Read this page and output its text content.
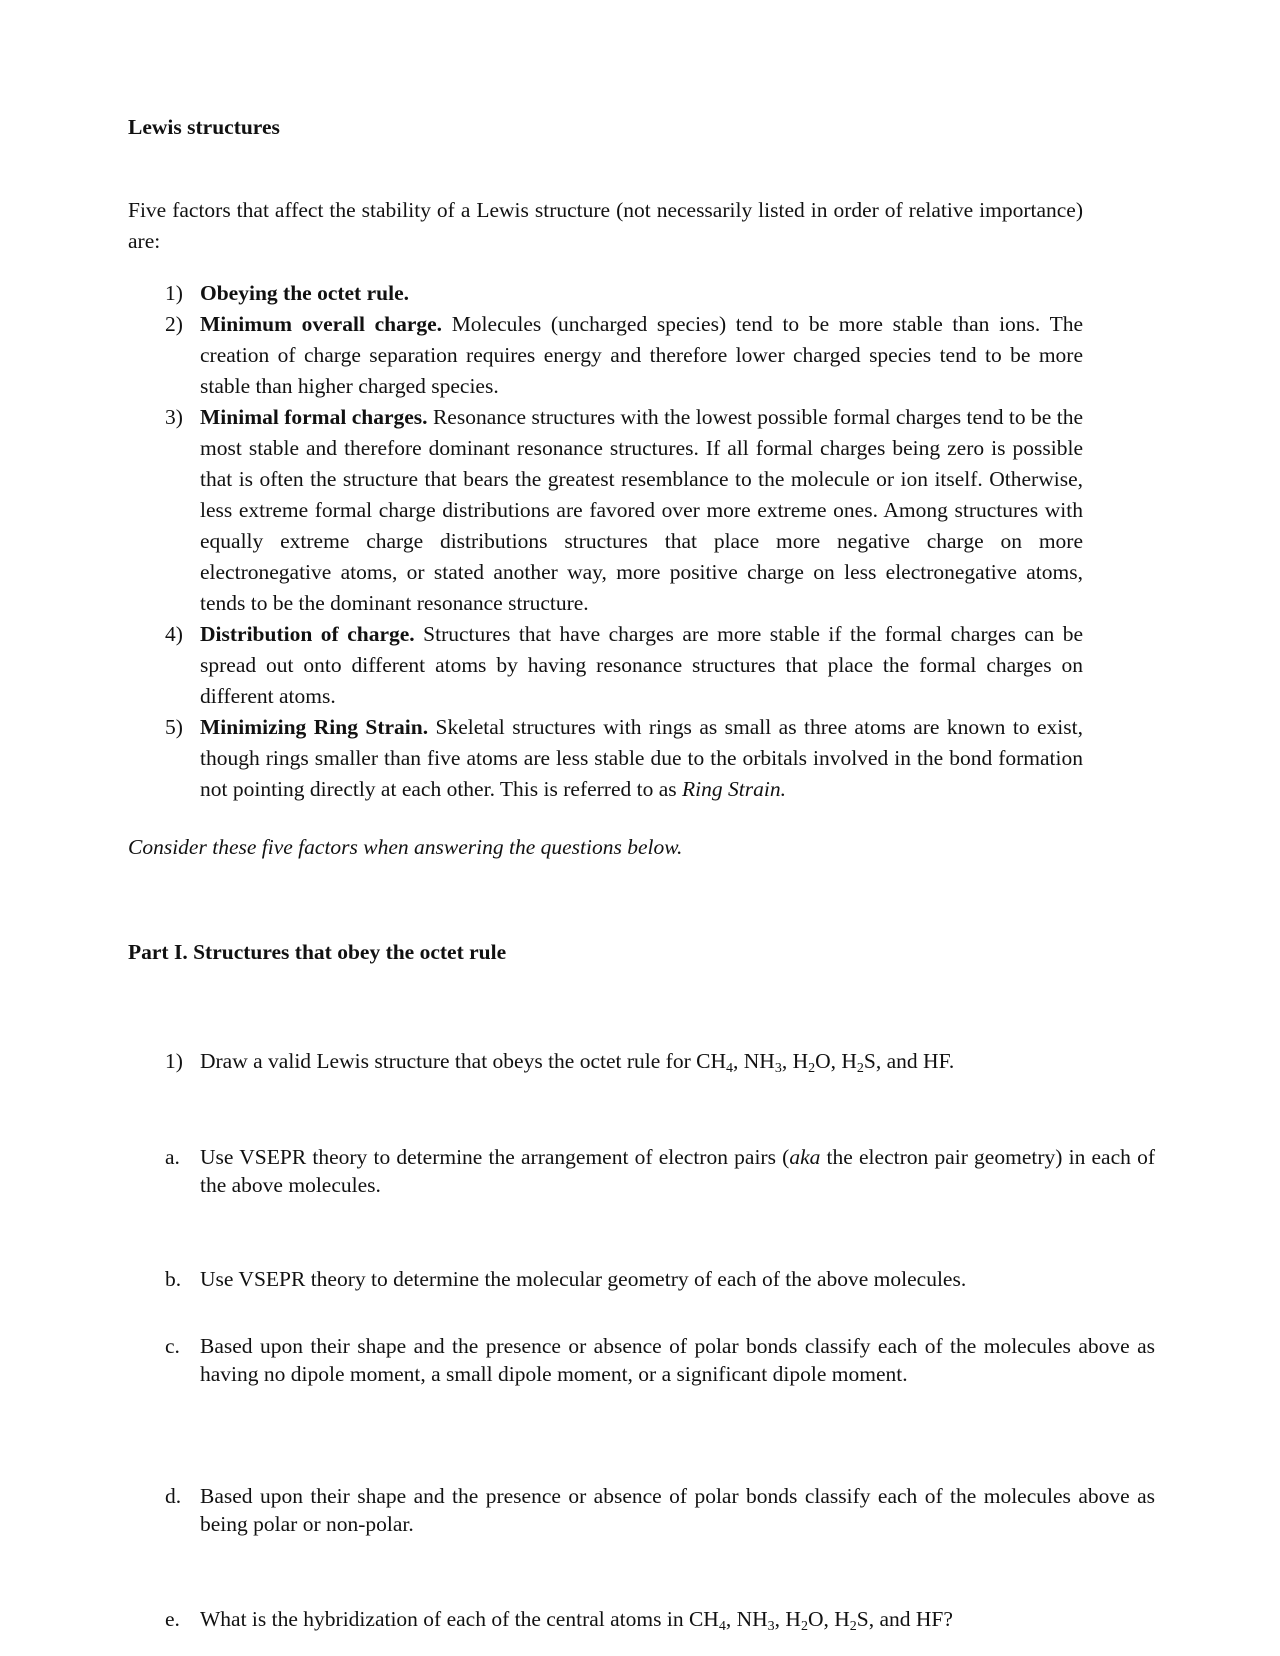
Lewis structures

Five factors that affect the stability of a Lewis structure (not necessarily listed in order of relative importance) are:

1) Obeying the octet rule.
2) Minimum overall charge. Molecules (uncharged species) tend to be more stable than ions. The creation of charge separation requires energy and therefore lower charged species tend to be more stable than higher charged species.
3) Minimal formal charges. Resonance structures with the lowest possible formal charges tend to be the most stable and therefore dominant resonance structures. If all formal charges being zero is possible that is often the structure that bears the greatest resemblance to the molecule or ion itself. Otherwise, less extreme formal charge distributions are favored over more extreme ones. Among structures with equally extreme charge distributions structures that place more negative charge on more electronegative atoms, or stated another way, more positive charge on less electronegative atoms, tends to be the dominant resonance structure.
4) Distribution of charge. Structures that have charges are more stable if the formal charges can be spread out onto different atoms by having resonance structures that place the formal charges on different atoms.
5) Minimizing Ring Strain. Skeletal structures with rings as small as three atoms are known to exist, though rings smaller than five atoms are less stable due to the orbitals involved in the bond formation not pointing directly at each other. This is referred to as Ring Strain.

Consider these five factors when answering the questions below.

Part I. Structures that obey the octet rule
1) Draw a valid Lewis structure that obeys the octet rule for $CH_4$, $NH_3$, $H_2O$, $H_2S$, and HF.
a. Use VSEPR theory to determine the arrangement of electron pairs (aka the electron pair geometry) in each of the above molecules.
b. Use VSEPR theory to determine the molecular geometry of each of the above molecules.
c. Based upon their shape and the presence or absence of polar bonds classify each of the molecules above as having no dipole moment, a small dipole moment, or a significant dipole moment.
d. Based upon their shape and the presence or absence of polar bonds classify each of the molecules above as being polar or non-polar.
e. What is the hybridization of each of the central atoms in $CH_4$, $NH_3$, $H_2O$, $H_2S$, and HF?
